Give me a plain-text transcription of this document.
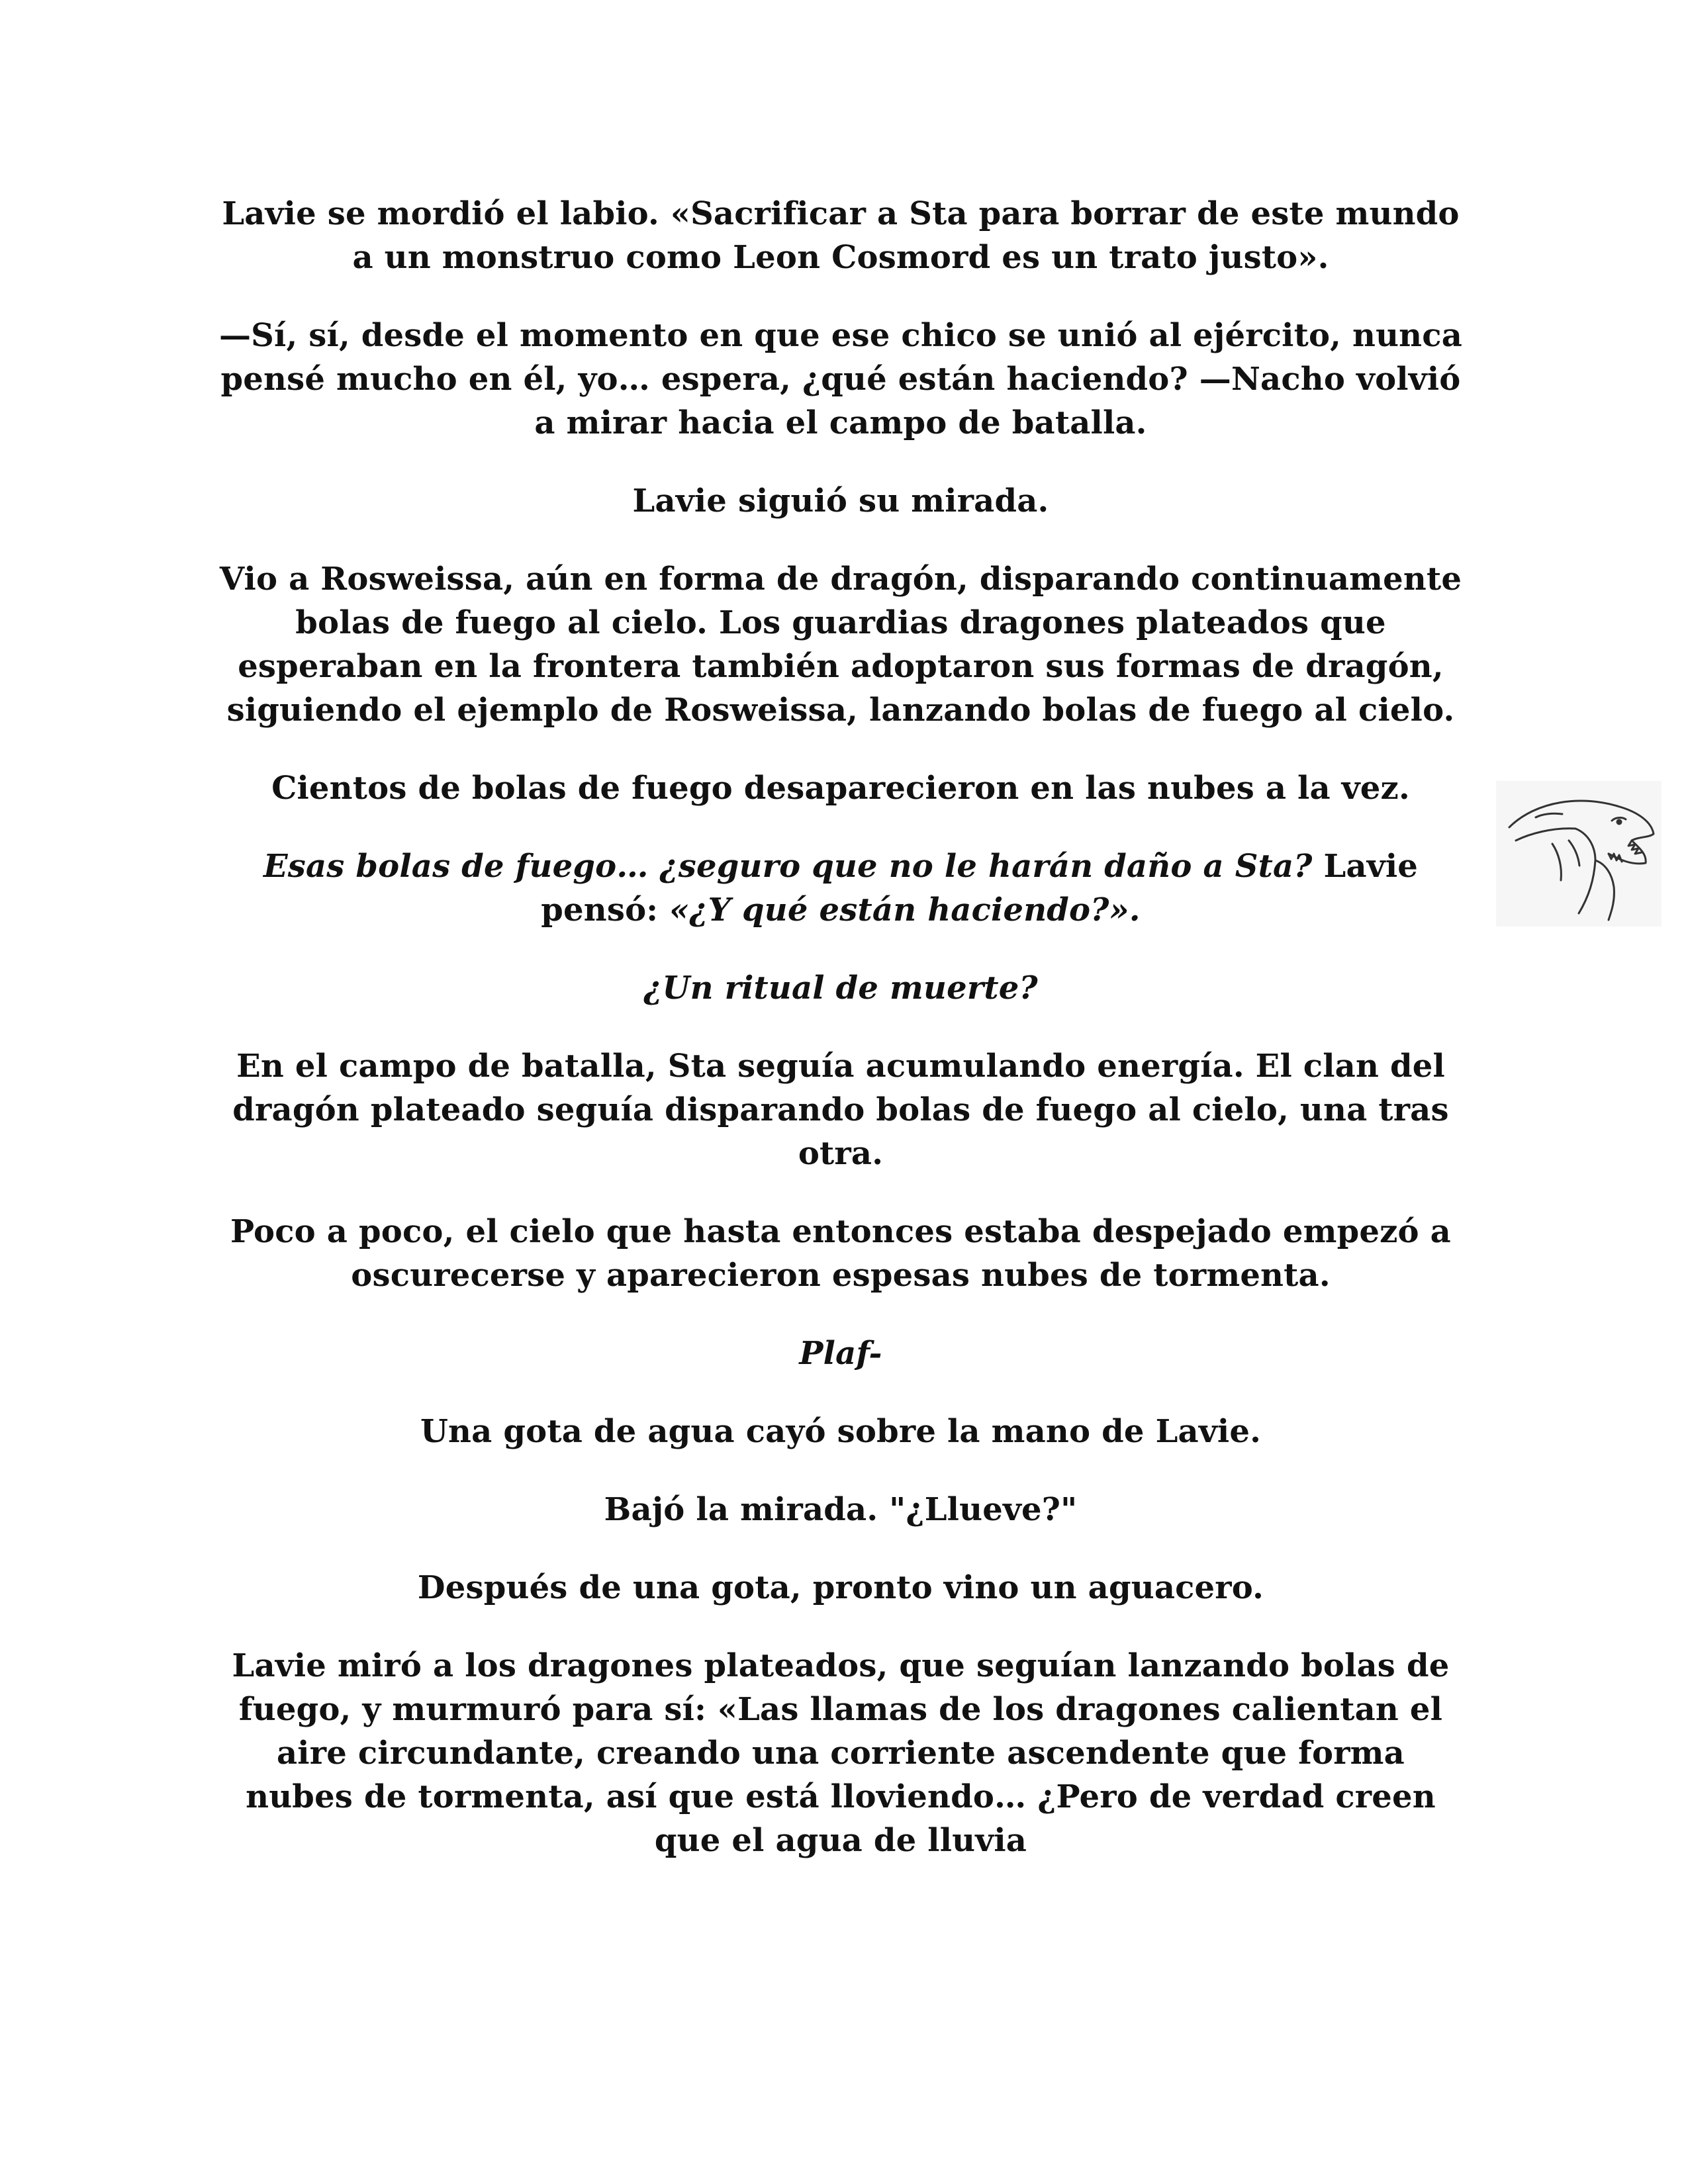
Lavie se mordió el labio. «Sacrificar a Sta para borrar de este mundo a un monstruo como Leon Cosmord es un trato justo».

—Sí, sí, desde el momento en que ese chico se unió al ejército, nunca pensé mucho en él, yo… espera, ¿qué están haciendo? —Nacho volvió a mirar hacia el campo de batalla.

Lavie siguió su mirada.

Vio a Rosweissa, aún en forma de dragón, disparando continuamente bolas de fuego al cielo. Los guardias dragones plateados que esperaban en la frontera también adoptaron sus formas de dragón, siguiendo el ejemplo de Rosweissa, lanzando bolas de fuego al cielo.

Cientos de bolas de fuego desaparecieron en las nubes a la vez.

Esas bolas de fuego… ¿seguro que no le harán daño a Sta? Lavie pensó: «¿Y qué están haciendo?».

¿Un ritual de muerte?

En el campo de batalla, Sta seguía acumulando energía. El clan del dragón plateado seguía disparando bolas de fuego al cielo, una tras otra.

Poco a poco, el cielo que hasta entonces estaba despejado empezó a oscurecerse y aparecieron espesas nubes de tormenta.

Plaf-

Una gota de agua cayó sobre la mano de Lavie.

Bajó la mirada. "¿Llueve?"

Después de una gota, pronto vino un aguacero.

Lavie miró a los dragones plateados, que seguían lanzando bolas de fuego, y murmuró para sí: «Las llamas de los dragones calientan el aire circundante, creando una corriente ascendente que forma nubes de tormenta, así que está lloviendo… ¿Pero de verdad creen que el agua de lluvia
